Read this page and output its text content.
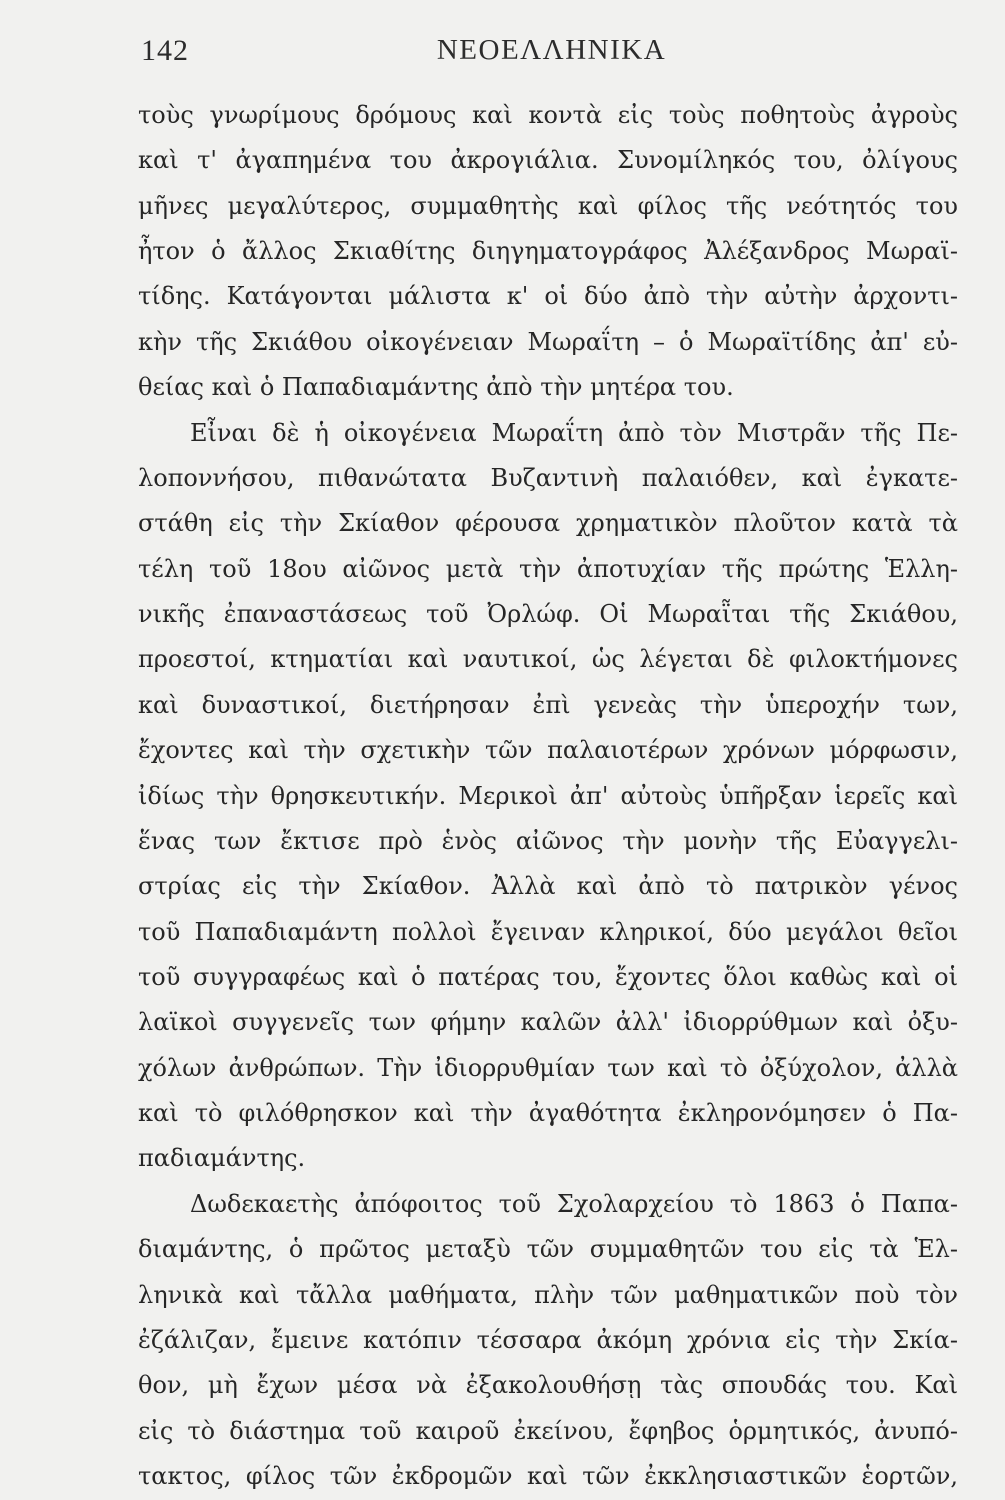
142	ΝΕΟΕΛΛΗΝΙΚΑ
τοὺς γνωρίμους δρόμους καὶ κοντὰ εἰς τοὺς ποθητοὺς ἀγροὺς
καὶ τ' ἀγαπημένα του ἀκρογιάλια. Συνομίληκός του, ὀλίγους
μῆνες μεγαλύτερος, συμμαθητὴς καὶ φίλος τῆς νεότητός του
ἦτον ὁ ἄλλος Σκιαθίτης διηγηματογράφος Ἀλέξανδρος Μωραϊ-
τίδης. Κατάγονται μάλιστα κ' οἱ δύο ἀπὸ τὴν αὐτὴν ἀρχοντι-
κὴν τῆς Σκιάθου οἰκογένειαν Μωραΐτη – ὁ Μωραϊτίδης ἀπ' εὐ-
θείας καὶ ὁ Παπαδιαμάντης ἀπὸ τὴν μητέρα του.
Εἶναι δὲ ἡ οἰκογένεια Μωραΐτη ἀπὸ τὸν Μιστρᾶν τῆς Πε-
λοποννήσου, πιθανώτατα Βυζαντινὴ παλαιόθεν, καὶ ἐγκατε-
στάθη εἰς τὴν Σκίαθον φέρουσα χρηματικὸν πλοῦτον κατὰ τὰ
τέλη τοῦ 18ου αἰῶνος μετὰ τὴν ἀποτυχίαν τῆς πρώτης Ἑλλη-
νικῆς ἐπαναστάσεως τοῦ Ὀρλώφ. Οἱ Μωραῗται τῆς Σκιάθου,
προεστοί, κτηματίαι καὶ ναυτικοί, ὡς λέγεται δὲ φιλοκτήμονες
καὶ δυναστικοί, διετήρησαν ἐπὶ γενεὰς τὴν ὑπεροχήν των,
ἔχοντες καὶ τὴν σχετικὴν τῶν παλαιοτέρων χρόνων μόρφωσιν,
ἰδίως τὴν θρησκευτικήν. Μερικοὶ ἀπ' αὐτοὺς ὑπῆρξαν ἱερεῖς καὶ
ἕνας των ἔκτισε πρὸ ἑνὸς αἰῶνος τὴν μονὴν τῆς Εὐαγγελι-
στρίας εἰς τὴν Σκίαθον. Ἀλλὰ καὶ ἀπὸ τὸ πατρικὸν γένος
τοῦ Παπαδιαμάντη πολλοὶ ἔγειναν κληρικοί, δύο μεγάλοι θεῖοι
τοῦ συγγραφέως καὶ ὁ πατέρας του, ἔχοντες ὅλοι καθὼς καὶ οἱ
λαϊκοὶ συγγενεῖς των φήμην καλῶν ἀλλ' ἰδιορρύθμων καὶ ὀξυ-
χόλων ἀνθρώπων. Τὴν ἰδιορρυθμίαν των καὶ τὸ ὀξύχολον, ἀλλὰ
καὶ τὸ φιλόθρησκον καὶ τὴν ἀγαθότητα ἐκληρονόμησεν ὁ Πα-
παδιαμάντης.
Δωδεκαετὴς ἀπόφοιτος τοῦ Σχολαρχείου τὸ 1863 ὁ Παπα-
διαμάντης, ὁ πρῶτος μεταξὺ τῶν συμμαθητῶν του εἰς τὰ Ἑλ-
ληνικὰ καὶ τἄλλα μαθήματα, πλὴν τῶν μαθηματικῶν ποὺ τὸν
ἐζάλιζαν, ἔμεινε κατόπιν τέσσαρα ἀκόμη χρόνια εἰς τὴν Σκία-
θον, μὴ ἔχων μέσα νὰ ἐξακολουθήσῃ τὰς σπουδάς του. Καὶ
εἰς τὸ διάστημα τοῦ καιροῦ ἐκείνου, ἔφηβος ὁρμητικός, ἀνυπό-
τακτος, φίλος τῶν ἐκδρομῶν καὶ τῶν ἐκκλησιαστικῶν ἑορτῶν,
